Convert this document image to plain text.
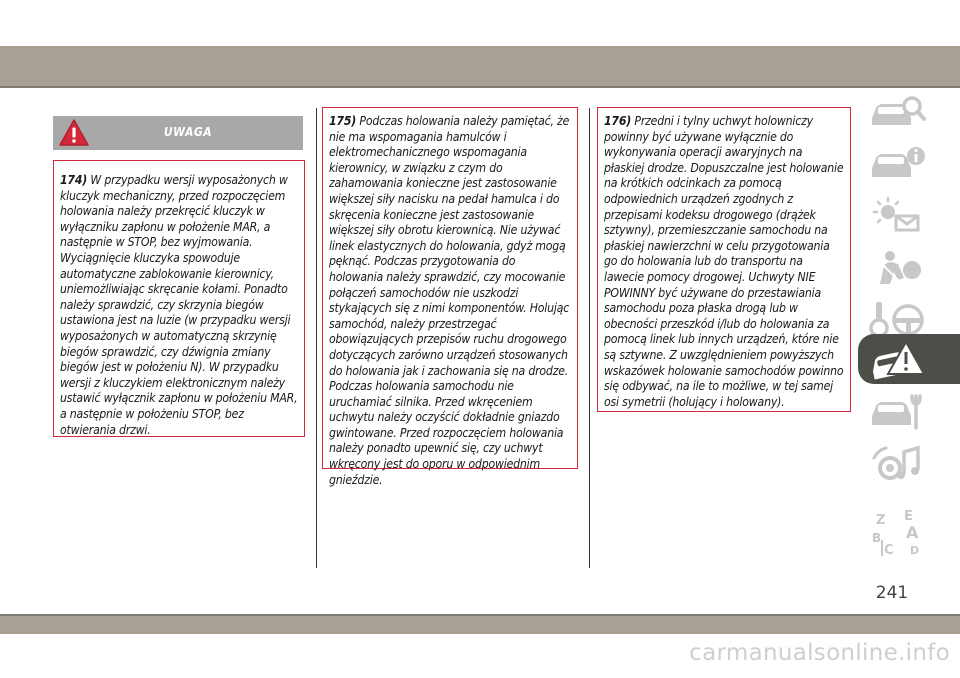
UWAGA
174) W przypadku wersji wyposażonych w kluczyk mechaniczny, przed rozpoczęciem holowania należy przekręcić kluczyk w wyłączniku zapłonu w położenie MAR, a następnie w STOP, bez wyjmowania. Wyciągnięcie kluczyka spowoduje automatyczne zablokowanie kierownicy, uniemożliwiając skręcanie kołami. Ponadto należy sprawdzić, czy skrzynia biegów ustawiona jest na luzie (w przypadku wersji wyposażonych w automatyczną skrzynię biegów sprawdzić, czy dźwignia zmiany biegów jest w położeniu N). W przypadku wersji z kluczykiem elektronicznym należy ustawić wyłącznik zapłonu w położeniu MAR, a następnie w położeniu STOP, bez otwierania drzwi.
175) Podczas holowania należy pamiętać, że nie ma wspomagania hamulców i elektromechanicznego wspomagania kierownicy, w związku z czym do zahamowania konieczne jest zastosowanie większej siły nacisku na pedał hamulca i do skręcenia konieczne jest zastosowanie większej siły obrotu kierownicą. Nie używać linek elastycznych do holowania, gdyż mogą pęknąć. Podczas przygotowania do holowania należy sprawdzić, czy mocowanie połączeń samochodów nie uszkodzi stykających się z nimi komponentów. Holując samochód, należy przestrzegać obowiązujących przepisów ruchu drogowego dotyczących zarówno urządzeń stosowanych do holowania jak i zachowania się na drodze. Podczas holowania samochodu nie uruchamiać silnika. Przed wkręceniem uchwytu należy oczyścić dokładnie gniazdo gwintowane. Przed rozpoczęciem holowania należy ponadto upewnić się, czy uchwyt wkręcony jest do oporu w odpowiednim gnieździe.
176) Przedni i tylny uchwyt holowniczy powinny być używane wyłącznie do wykonywania operacji awaryjnych na płaskiej drodze. Dopuszczalne jest holowanie na krótkich odcinkach za pomocą odpowiednich urządzeń zgodnych z przepisami kodeksu drogowego (drążek sztywny), przemieszczanie samochodu na płaskiej nawierzchni w celu przygotowania go do holowania lub do transportu na lawecie pomocy drogowej. Uchwyty NIE POWINNY być używane do przestawiania samochodu poza płaska drogą lub w obecności przeszkód i/lub do holowania za pomocą linek lub innych urządzeń, które nie są sztywne. Z uwzględnieniem powyższych wskazówek holowanie samochodów powinno się odbywać, na ile to możliwe, w tej samej osi symetrii (holujący i holowany).
Z E
B A
C D
241
carmanualsonline.info
